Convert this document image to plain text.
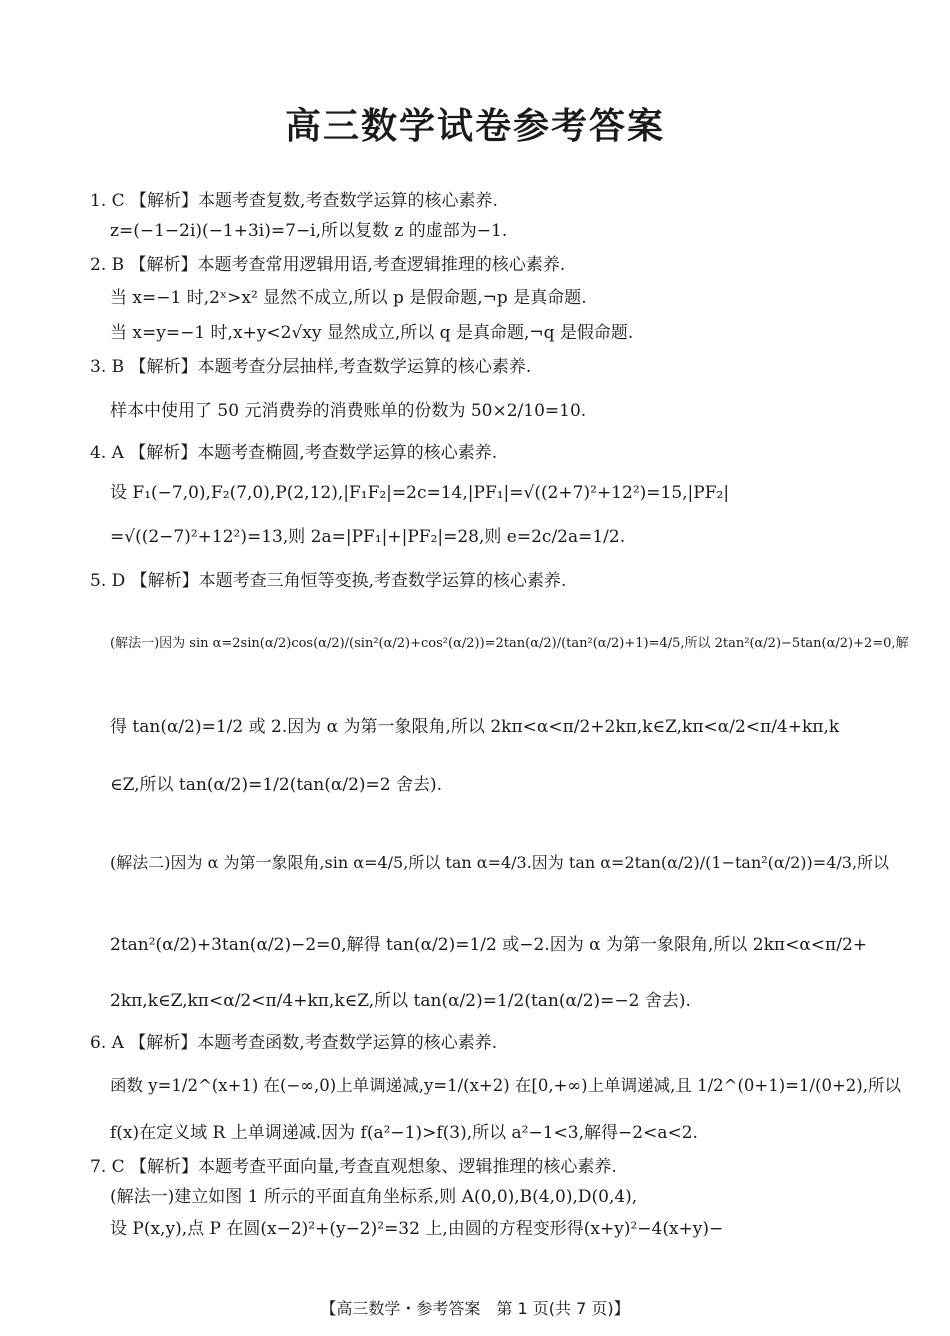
高三数学试卷参考答案
1. C 【解析】本题考查复数,考查数学运算的核心素养.
z=(−1−2i)(−1+3i)=7−i,所以复数 z 的虚部为−1.
2. B 【解析】本题考查常用逻辑用语,考查逻辑推理的核心素养.
当 x=−1 时,2ˣ>x² 显然不成立,所以 p 是假命题,¬p 是真命题.
当 x=y=−1 时,x+y<2√xy 显然成立,所以 q 是真命题,¬q 是假命题.
3. B 【解析】本题考查分层抽样,考查数学运算的核心素养.
样本中使用了 50 元消费券的消费账单的份数为 50×2/10=10.
4. A 【解析】本题考查椭圆,考查数学运算的核心素养.
设 F₁(−7,0),F₂(7,0),P(2,12),|F₁F₂|=2c=14,|PF₁|=√((2+7)²+12²)=15,|PF₂|
=√((2−7)²+12²)=13,则 2a=|PF₁|+|PF₂|=28,则 e=2c/2a=1/2.
5. D 【解析】本题考查三角恒等变换,考查数学运算的核心素养.
(解法一)因为 sin α=2sin(α/2)cos(α/2)/(sin²(α/2)+cos²(α/2))=2tan(α/2)/(tan²(α/2)+1)=4/5,所以 2tan²(α/2)−5tan(α/2)+2=0,解
得 tan(α/2)=1/2 或 2.因为 α 为第一象限角,所以 2kπ<α<π/2+2kπ,k∈Z,kπ<α/2<π/4+kπ,k
∈Z,所以 tan(α/2)=1/2(tan(α/2)=2 舍去).
(解法二)因为 α 为第一象限角,sin α=4/5,所以 tan α=4/3.因为 tan α=2tan(α/2)/(1−tan²(α/2))=4/3,所以
2tan²(α/2)+3tan(α/2)−2=0,解得 tan(α/2)=1/2 或−2.因为 α 为第一象限角,所以 2kπ<α<π/2+
2kπ,k∈Z,kπ<α/2<π/4+kπ,k∈Z,所以 tan(α/2)=1/2(tan(α/2)=−2 舍去).
6. A 【解析】本题考查函数,考查数学运算的核心素养.
函数 y=1/2^(x+1) 在(−∞,0)上单调递减,y=1/(x+2) 在[0,+∞)上单调递减,且 1/2^(0+1)=1/(0+2),所以
f(x)在定义域 R 上单调递减.因为 f(a²−1)>f(3),所以 a²−1<3,解得−2<a<2.
7. C 【解析】本题考查平面向量,考查直观想象、逻辑推理的核心素养.
(解法一)建立如图 1 所示的平面直角坐标系,则 A(0,0),B(4,0),D(0,4),
设 P(x,y),点 P 在圆(x−2)²+(y−2)²=32 上,由圆的方程变形得(x+y)²−4(x+y)−
【高三数学・参考答案　第 1 页(共 7 页)】
